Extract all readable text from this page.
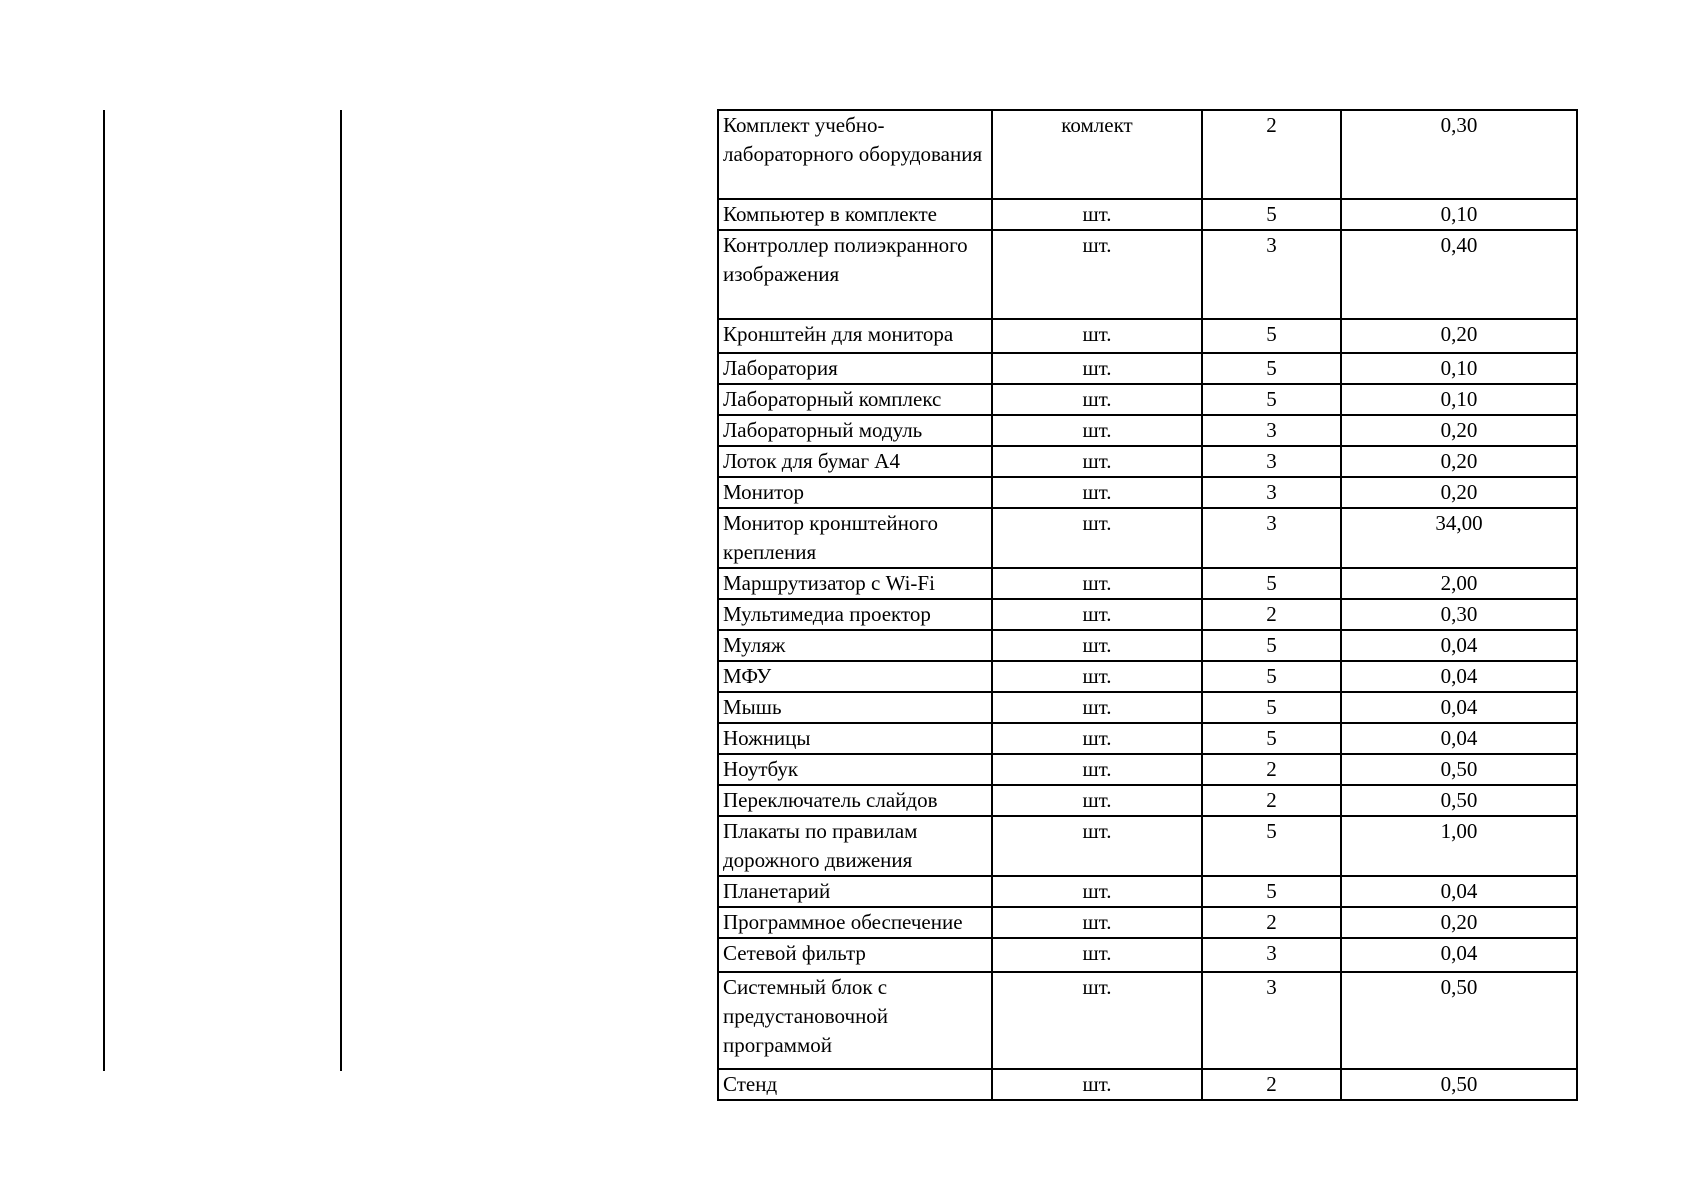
Комплект учебно-лабораторного оборудования	комлект	2	0,30
Компьютер в комплекте	шт.	5	0,10
Контроллер полиэкранного изображения	шт.	3	0,40
Кронштейн для монитора	шт.	5	0,20
Лаборатория	шт.	5	0,10
Лабораторный комплекс	шт.	5	0,10
Лабораторный модуль	шт.	3	0,20
Лоток для бумаг А4	шт.	3	0,20
Монитор	шт.	3	0,20
Монитор кронштейного крепления	шт.	3	34,00
Маршрутизатор с Wi-Fi	шт.	5	2,00
Мультимедиа проектор	шт.	2	0,30
Муляж	шт.	5	0,04
МФУ	шт.	5	0,04
Мышь	шт.	5	0,04
Ножницы	шт.	5	0,04
Ноутбук	шт.	2	0,50
Переключатель слайдов	шт.	2	0,50
Плакаты по правилам дорожного движения	шт.	5	1,00
Планетарий	шт.	5	0,04
Программное обеспечение	шт.	2	0,20
Сетевой фильтр	шт.	3	0,04
Системный блок с предустановочной программой	шт.	3	0,50
Стенд	шт.	2	0,50
